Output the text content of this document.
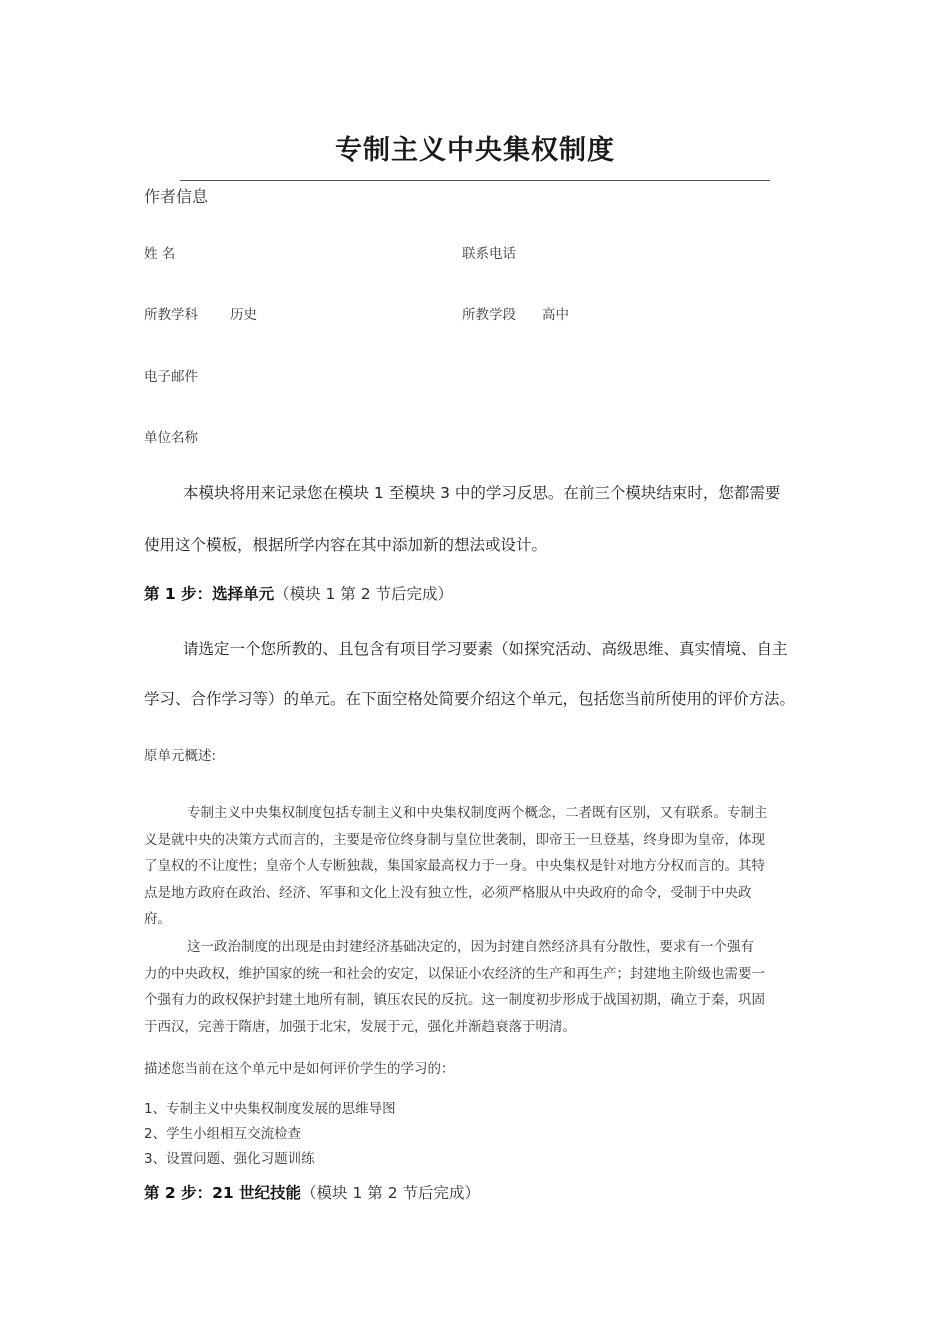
专制主义中央集权制度
作者信息
姓 名	联系电话
所教学科 历史	所教学段 高中
电子邮件
单位名称
本模块将用来记录您在模块 1 至模块 3 中的学习反思。在前三个模块结束时，您都需要
使用这个模板，根据所学内容在其中添加新的想法或设计。
第 1 步：选择单元（模块 1 第 2 节后完成）
请选定一个您所教的、且包含有项目学习要素（如探究活动、高级思维、真实情境、自主
学习、合作学习等）的单元。在下面空格处简要介绍这个单元，包括您当前所使用的评价方法。
原单元概述:
专制主义中央集权制度包括专制主义和中央集权制度两个概念，二者既有区别，又有联系。专制主
义是就中央的决策方式而言的，主要是帝位终身制与皇位世袭制，即帝王一旦登基，终身即为皇帝，体现
了皇权的不让度性；皇帝个人专断独裁，集国家最高权力于一身。中央集权是针对地方分权而言的。其特
点是地方政府在政治、经济、军事和文化上没有独立性，必须严格服从中央政府的命令，受制于中央政
府。
这一政治制度的出现是由封建经济基础决定的，因为封建自然经济具有分散性，要求有一个强有
力的中央政权，维护国家的统一和社会的安定，以保证小农经济的生产和再生产；封建地主阶级也需要一
个强有力的政权保护封建土地所有制，镇压农民的反抗。这一制度初步形成于战国初期，确立于秦，巩固
于西汉，完善于隋唐，加强于北宋，发展于元，强化并渐趋衰落于明清。
描述您当前在这个单元中是如何评价学生的学习的：
1、专制主义中央集权制度发展的思维导图
2、学生小组相互交流检查
3、设置问题、强化习题训练
第 2 步：21 世纪技能（模块 1 第 2 节后完成）
